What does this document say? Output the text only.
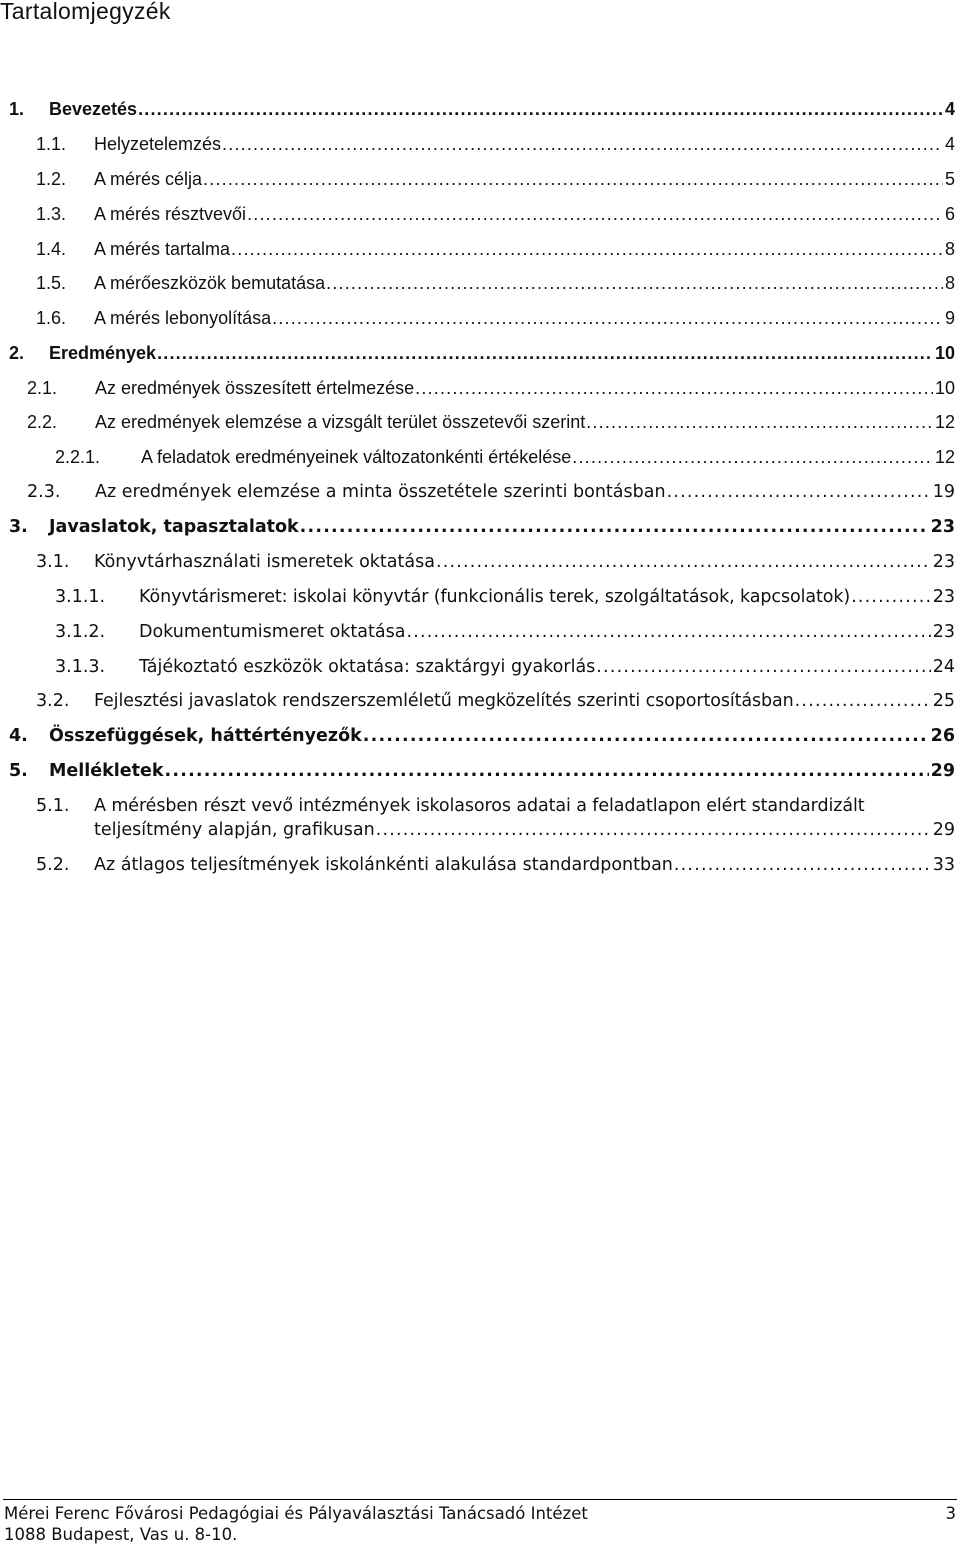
Tartalomjegyzék
1.	Bevezetés .....	4
1.1.	Helyzetelemzés .....	4
1.2.	A mérés célja .....	5
1.3.	A mérés résztvevői .....	6
1.4.	A mérés tartalma .....	8
1.5.	A mérőeszközök bemutatása .....	8
1.6.	A mérés lebonyolítása .....	9
2.	Eredmények .....	10
2.1.	Az eredmények összesített értelmezése .....	10
2.2.	Az eredmények elemzése a vizsgált terület összetevői szerint .....	12
2.2.1.	A feladatok eredményeinek változatonkénti értékelése .....	12
2.3.	Az eredmények elemzése a minta összetétele szerinti bontásban .....	19
3.	Javaslatok, tapasztalatok .....	23
3.1.	Könyvtárhasználati ismeretek oktatása .....	23
3.1.1.	Könyvtárismeret: iskolai könyvtár (funkcionális terek, szolgáltatások, kapcsolatok) .....	23
3.1.2.	Dokumentumismeret oktatása .....	23
3.1.3.	Tájékoztató eszközök oktatása: szaktárgyi gyakorlás .....	24
3.2.	Fejlesztési javaslatok rendszerszemléletű megközelítés szerinti csoportosításban .....	25
4.	Összefüggések, háttértényezők .....	26
5.	Mellékletek .....	29
5.1.	A mérésben részt vevő intézmények iskolasoros adatai a feladatlapon elért standardizált
teljesítmény alapján, grafikusan .....	29
5.2.	Az átlagos teljesítmények iskolánkénti alakulása standardpontban .....	33
Mérei Ferenc Fővárosi Pedagógiai és Pályaválasztási Tanácsadó Intézet
1088 Budapest, Vas u. 8-10.
3
